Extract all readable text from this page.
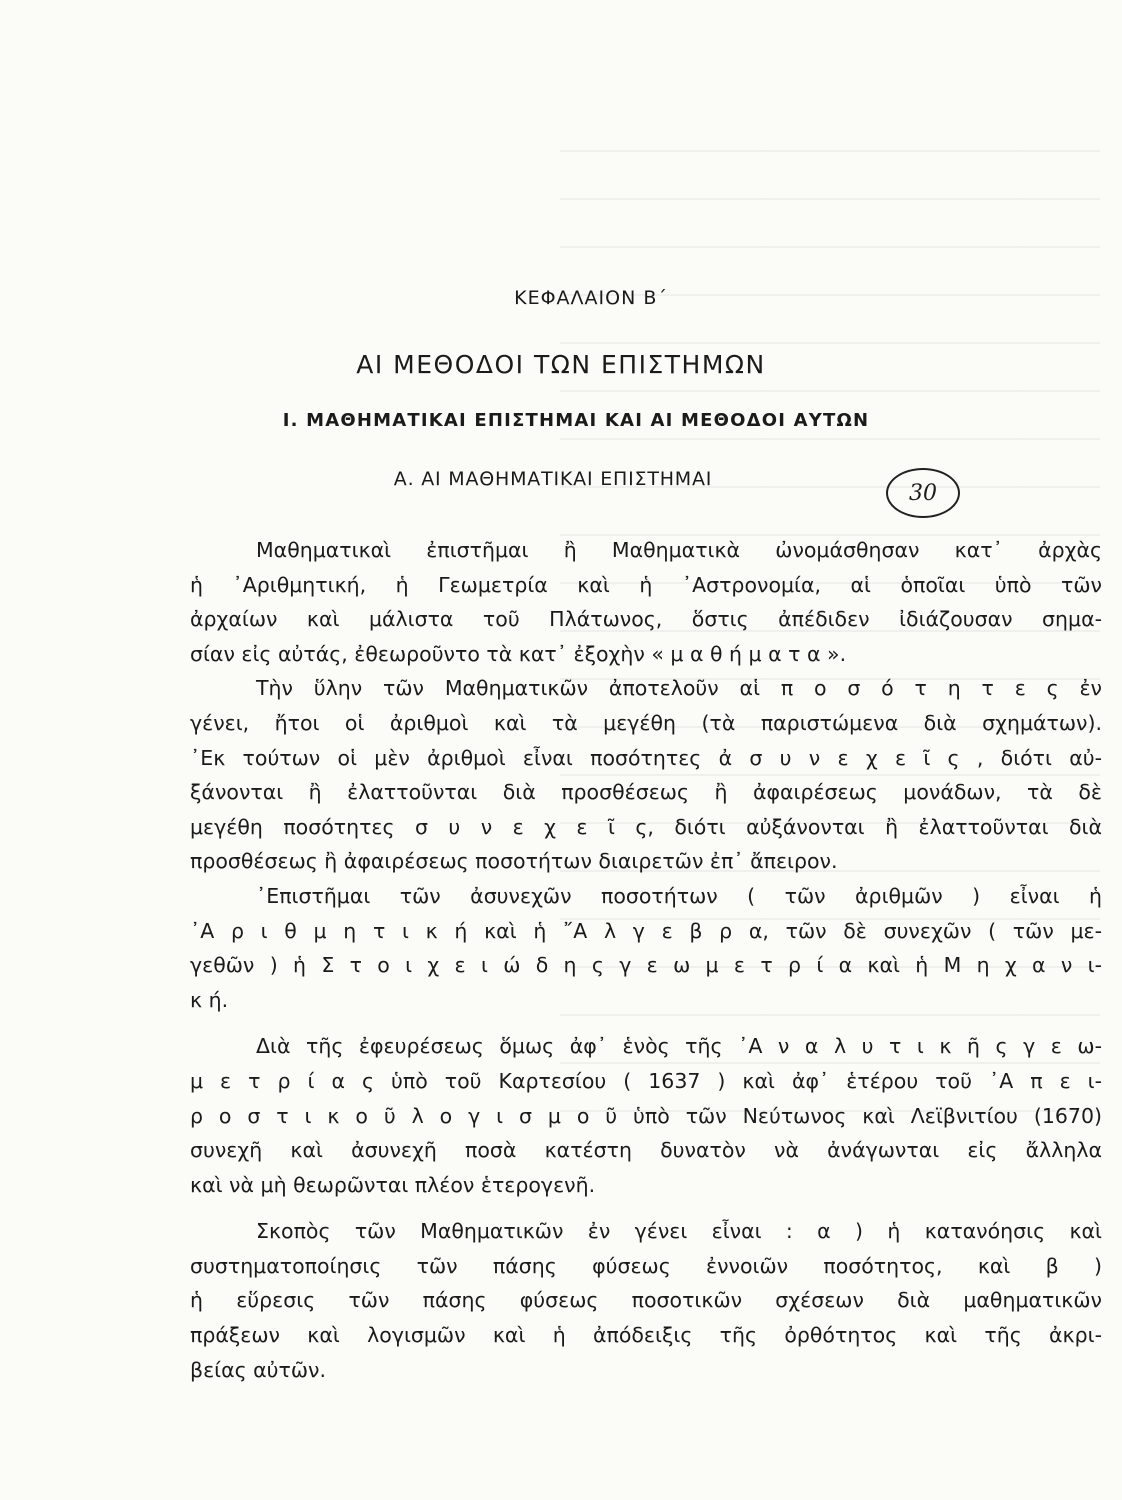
ΚΕΦΑΛΑΙΟΝ Β΄
ΑΙ ΜΕΘΟΔΟΙ ΤΩΝ ΕΠΙΣΤΗΜΩΝ
Ι. ΜΑΘΗΜΑΤΙΚΑΙ ΕΠΙΣΤΗΜΑΙ ΚΑΙ ΑΙ ΜΕΘΟΔΟΙ ΑΥΤΩΝ
Α. ΑΙ ΜΑΘΗΜΑΤΙΚΑΙ ΕΠΙΣΤΗΜΑΙ
30

Μαθηματικαὶ ἐπιστῆμαι ἢ Μαθηματικὰ ὠνομάσθησαν κατ᾿ ἀρχὰς

ἡ ᾿Αριθμητική, ἡ Γεωμετρία καὶ ἡ ᾿Αστρονομία, αἱ ὁποῖαι ὑπὸ τῶν

ἀρχαίων καὶ μάλιστα τοῦ Πλάτωνος, ὅστις ἀπέδιδεν ἰδιάζουσαν σημα-

σίαν εἰς αὐτάς, ἐθεωροῦντο τὰ κατ᾿ ἐξοχὴν « μ α θ ή μ α τ α ».

Τὴν ὕλην τῶν Μαθηματικῶν ἀποτελοῦν αἱ π ο σ ό τ η τ ε ς ἐν

γένει, ἤτοι οἱ ἀριθμοὶ καὶ τὰ μεγέθη (τὰ παριστώμενα διὰ σχημάτων).

᾿Εκ τούτων οἱ μὲν ἀριθμοὶ εἶναι ποσότητες ἀ σ υ ν ε χ ε ῖ ς , διότι αὐ-

ξάνονται ἢ ἐλαττοῦνται διὰ προσθέσεως ἢ ἀφαιρέσεως μονάδων, τὰ δὲ

μεγέθη ποσότητες σ υ ν ε χ ε ῖ ς, διότι αὐξάνονται ἢ ἐλαττοῦνται διὰ

προσθέσεως ἢ ἀφαιρέσεως ποσοτήτων διαιρετῶν ἐπ᾿ ἄπειρον.

᾿Επιστῆμαι τῶν ἀσυνεχῶν ποσοτήτων ( τῶν ἀριθμῶν ) εἶναι ἡ

᾿Α ρ ι θ μ η τ ι κ ή καὶ ἡ ῎Α λ γ ε β ρ α, τῶν δὲ συνεχῶν ( τῶν με-

γεθῶν ) ἡ Σ τ ο ι χ ε ι ώ δ η ς γ ε ω μ ε τ ρ ί α καὶ ἡ Μ η χ α ν ι-

κ ή.

Διὰ τῆς ἐφευρέσεως ὅμως ἀφ᾿ ἑνὸς τῆς ᾿Α ν α λ υ τ ι κ ῆ ς γ ε ω-

μ ε τ ρ ί α ς ὑπὸ τοῦ Καρτεσίου ( 1637 ) καὶ ἀφ᾿ ἑτέρου τοῦ ᾿Α π ε ι-

ρ ο σ τ ι κ ο ῦ λ ο γ ι σ μ ο ῦ ὑπὸ τῶν Νεύτωνος καὶ Λεϊβνιτίου (1670)

συνεχῆ καὶ ἀσυνεχῆ ποσὰ κατέστη δυνατὸν νὰ ἀνάγωνται εἰς ἄλληλα

καὶ νὰ μὴ θεωρῶνται πλέον ἑτερογενῆ.

Σκοπὸς τῶν Μαθηματικῶν ἐν γένει εἶναι : α ) ἡ κατανόησις καὶ

συστηματοποίησις τῶν πάσης φύσεως ἐννοιῶν ποσότητος, καὶ β )

ἡ εὕρεσις τῶν πάσης φύσεως ποσοτικῶν σχέσεων διὰ μαθηματικῶν

πράξεων καὶ λογισμῶν καὶ ἡ ἀπόδειξις τῆς ὀρθότητος καὶ τῆς ἀκρι-

βείας αὐτῶν.
